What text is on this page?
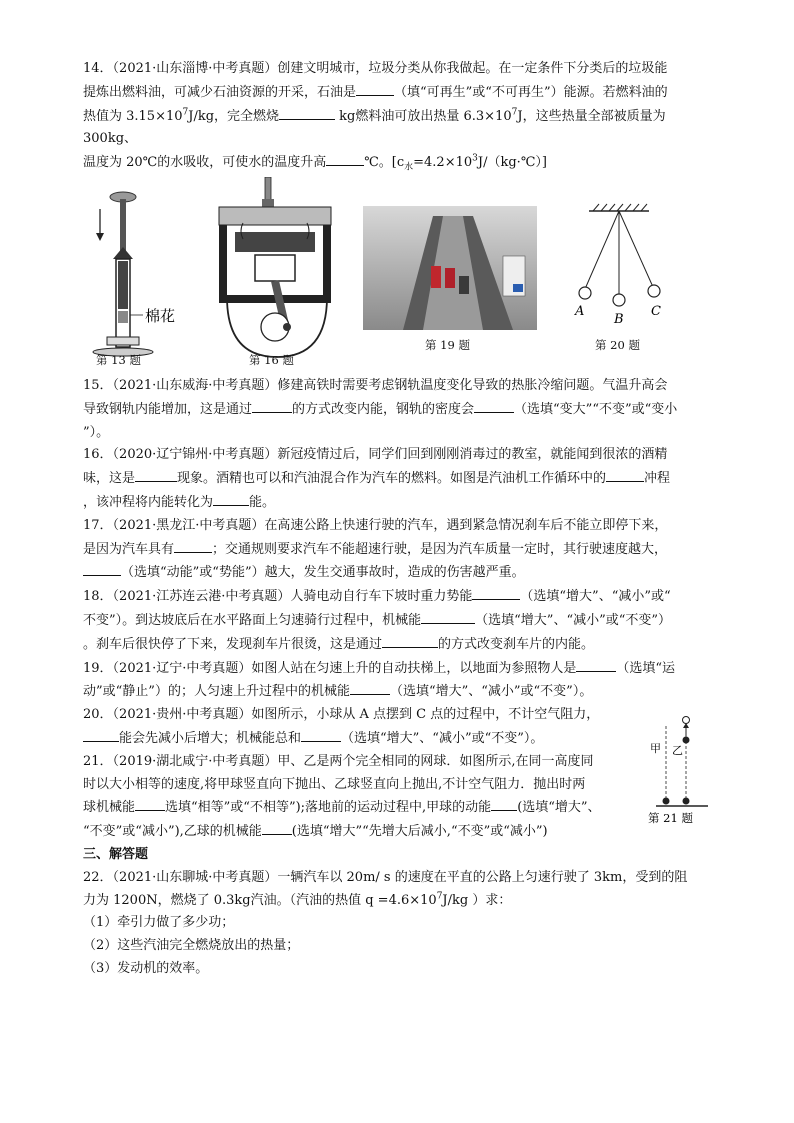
14．（2021·山东淄博·中考真题）创建文明城市，垃圾分类从你我做起。在一定条件下分类后的垃圾能
提炼出燃料油，可减少石油资源的开采，石油是	（填“可再生”或“不可再生”）能源。若燃料油的
热值为 $3.15\times 10^7J/kg$，完全燃烧	kg燃料油可放出热量 $6.3\times 10^7J$，这些热量全部被质量为 300kg、
温度为 20℃的水吸收，可使水的温度升高	℃。$[c_水=4.2\times 10^3J/(kg\cdot℃)]$
棉花
第 16 题
第 19 题
A
B
C
第 20 题
第 13 题
15．（2021·山东威海·中考真题）修建高铁时需要考虑钢轨温度变化导致的热胀冷缩问题。气温升高会
导致钢轨内能增加，这是通过	的方式改变内能，钢轨的密度会	（选填“变大”“不变”或“变小
”）。
16．（2020·辽宁锦州·中考真题）新冠疫情过后，同学们回到刚刚消毒过的教室，就能闻到很浓的酒精
味，这是	现象。酒精也可以和汽油混合作为汽车的燃料。如图是汽油机工作循环中的	冲程
，该冲程将内能转化为	能。
17．（2021·黑龙江·中考真题）在高速公路上快速行驶的汽车，遇到紧急情况刹车后不能立即停下来，
是因为汽车具有	；交通规则要求汽车不能超速行驶，是因为汽车质量一定时，其行驶速度越大，
（选填“动能”或“势能”）越大，发生交通事故时，造成的伤害越严重。
18．（2021·江苏连云港·中考真题）人骑电动自行车下坡时重力势能	（选填“增大”、“减小”或“
不变”）。到达坡底后在水平路面上匀速骑行过程中，机械能	（选填“增大”、“减小”或“不变”）
。刹车后很快停了下来，发现刹车片很烫，这是通过	的方式改变刹车片的内能。
19．（2021·辽宁·中考真题）如图人站在匀速上升的自动扶梯上，以地面为参照物人是	（选填“运
动”或“静止”）的；人匀速上升过程中的机械能	（选填“增大”、“减小”或“不变”）。
20．（2021·贵州·中考真题）如图所示，小球从 A 点摆到 C 点的过程中，不计空气阻力，
能会先减小后增大；机械能总和	（选填“增大”、“减小”或“不变”）。
21．（2019·湖北咸宁·中考真题）甲、乙是两个完全相同的网球．如图所示,在同一高度同
时以大小相等的速度,将甲球竖直向下抛出、乙球竖直向上抛出,不计空气阻力．抛出时两
球机械能 选填“相等”或“不相等”);落地前的运动过程中,甲球的动能 (选填“增大”、
“不变”或“减小”),乙球的机械能 (选填“增大”“先增大后减小,“不变”或“减小”)
甲 乙
第 21 题
三、解答题
22．（2021·山东聊城·中考真题）一辆汽车以 20m/ s 的速度在平直的公路上匀速行驶了 3km，受到的阻
力为 1200N，燃烧了 0.3kg汽油。（汽油的热值 $q =4.6\times 10^7J/kg$ ）求：
（1）牵引力做了多少功；
（2）这些汽油完全燃烧放出的热量；
（3）发动机的效率。
